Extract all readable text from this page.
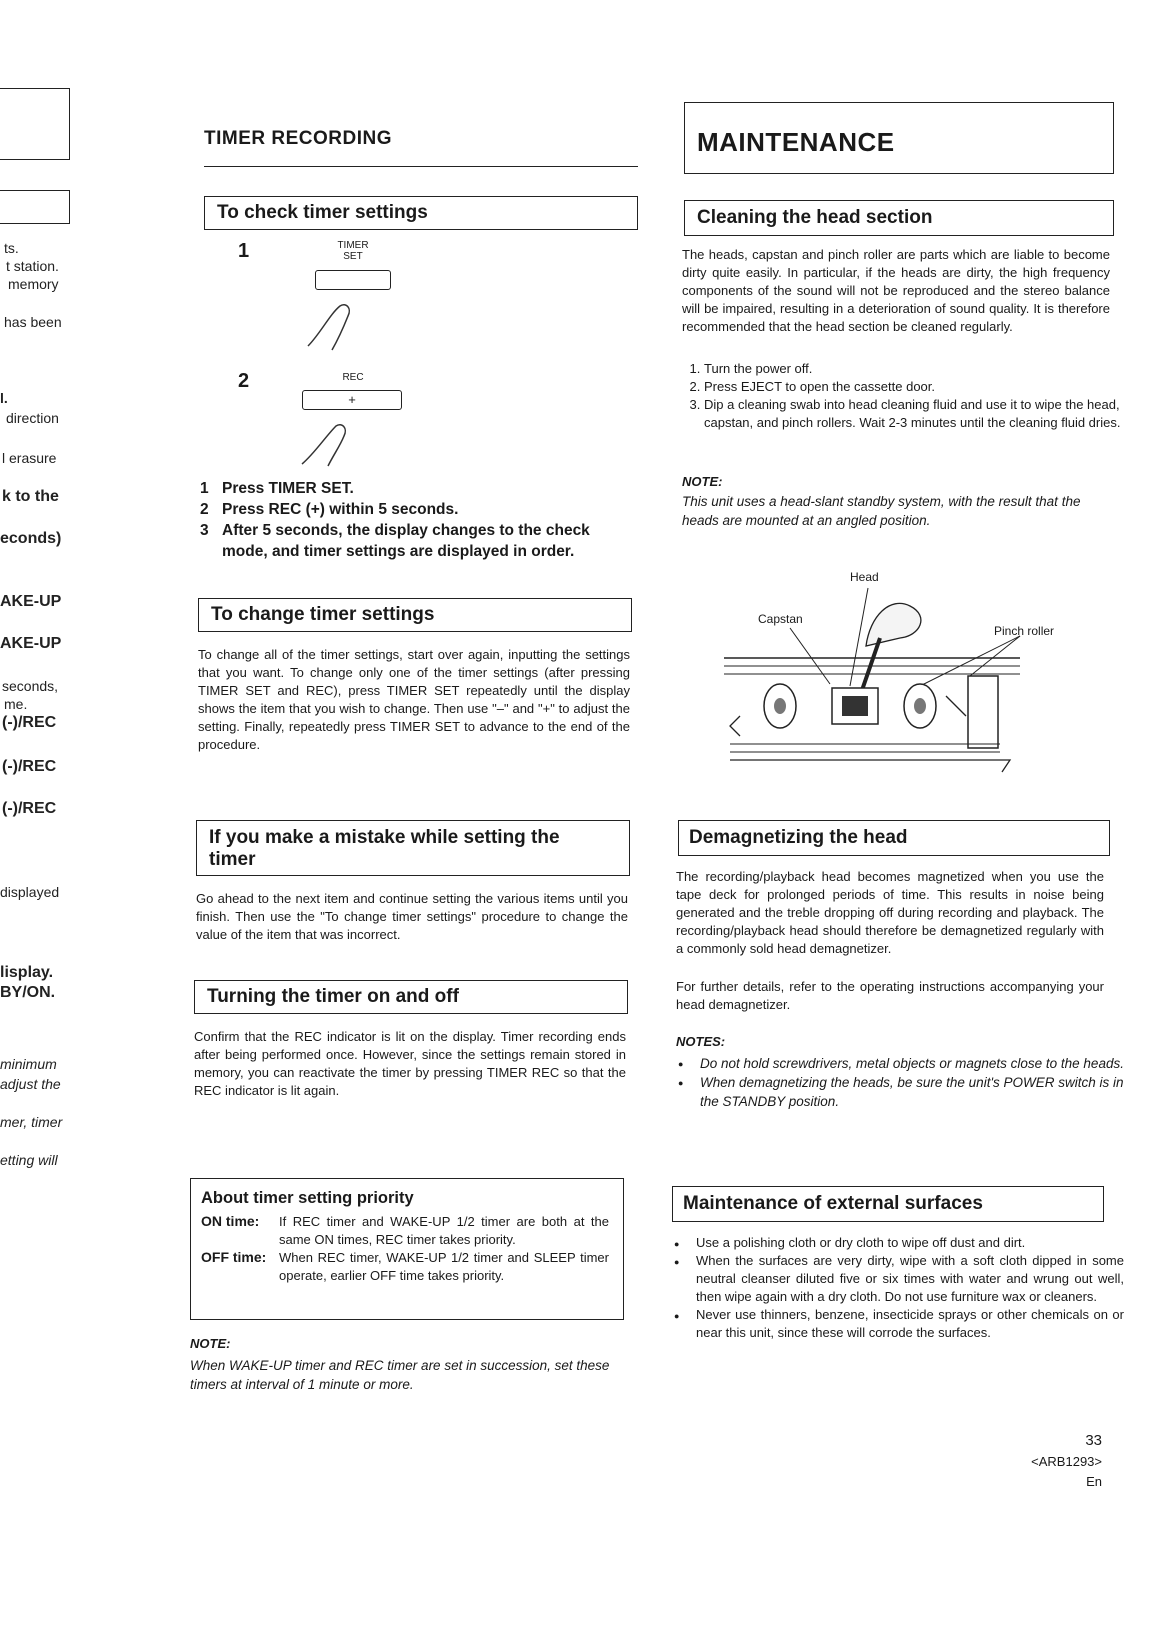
ts.
t station.
memory
has been
l.
direction
l erasure
k to the
econds)
AKE-UP
AKE-UP
seconds,
me.
(-)/REC
(-)/REC
(-)/REC
displayed
lisplay.
BY/ON.
minimum
adjust the
mer, timer
etting will
TIMER RECORDING
To check timer settings
1	TIMER SET
2	REC
+
1 Press TIMER SET.
2 Press REC (+) within 5 seconds.
3 After 5 seconds, the display changes to the check mode, and timer settings are displayed in order.
To change timer settings
To change all of the timer settings, start over again, inputting the settings that you want. To change only one of the timer settings (after pressing TIMER SET and REC), press TIMER SET repeatedly until the display shows the item that you wish to change. Then use "–" and "+" to adjust the setting. Finally, repeatedly press TIMER SET to advance to the end of the procedure.
If you make a mistake while setting the timer
Go ahead to the next item and continue setting the various items until you finish. Then use the "To change timer settings" procedure to change the value of the item that was incorrect.
Turning the timer on and off
Confirm that the REC indicator is lit on the display. Timer recording ends after being performed once. However, since the settings remain stored in memory, you can reactivate the timer by pressing TIMER REC so that the REC indicator is lit again.
About timer setting priority
ON time: If REC timer and WAKE-UP 1/2 timer are both at the same ON times, REC timer takes priority.
OFF time: When REC timer, WAKE-UP 1/2 timer and SLEEP timer operate, earlier OFF time takes priority.
NOTE:
When WAKE-UP timer and REC timer are set in succession, set these timers at interval of 1 minute or more.
MAINTENANCE
Cleaning the head section
The heads, capstan and pinch roller are parts which are liable to become dirty quite easily. In particular, if the heads are dirty, the high frequency components of the sound will not be reproduced and the stereo balance will be impaired, resulting in a deterioration of sound quality. It is therefore recommended that the head section be cleaned regularly.
1. Turn the power off.
2. Press EJECT to open the cassette door.
3. Dip a cleaning swab into head cleaning fluid and use it to wipe the head, capstan, and pinch rollers. Wait 2-3 minutes until the cleaning fluid dries.
NOTE:
This unit uses a head-slant standby system, with the result that the heads are mounted at an angled position.
Head
Capstan
Pinch roller
Demagnetizing the head
The recording/playback head becomes magnetized when you use the tape deck for prolonged periods of time. This results in noise being generated and the treble dropping off during recording and playback. The recording/playback head should therefore be demagnetized regularly with a commonly sold head demagnetizer.
For further details, refer to the operating instructions accompanying your head demagnetizer.
NOTES:
● Do not hold screwdrivers, metal objects or magnets close to the heads.
● When demagnetizing the heads, be sure the unit's POWER switch is in the STANDBY position.
Maintenance of external surfaces
● Use a polishing cloth or dry cloth to wipe off dust and dirt.
● When the surfaces are very dirty, wipe with a soft cloth dipped in some neutral cleanser diluted five or six times with water and wrung out well, then wipe again with a dry cloth. Do not use furniture wax or cleaners.
● Never use thinners, benzene, insecticide sprays or other chemicals on or near this unit, since these will corrode the surfaces.
33
<ARB1293>
En
